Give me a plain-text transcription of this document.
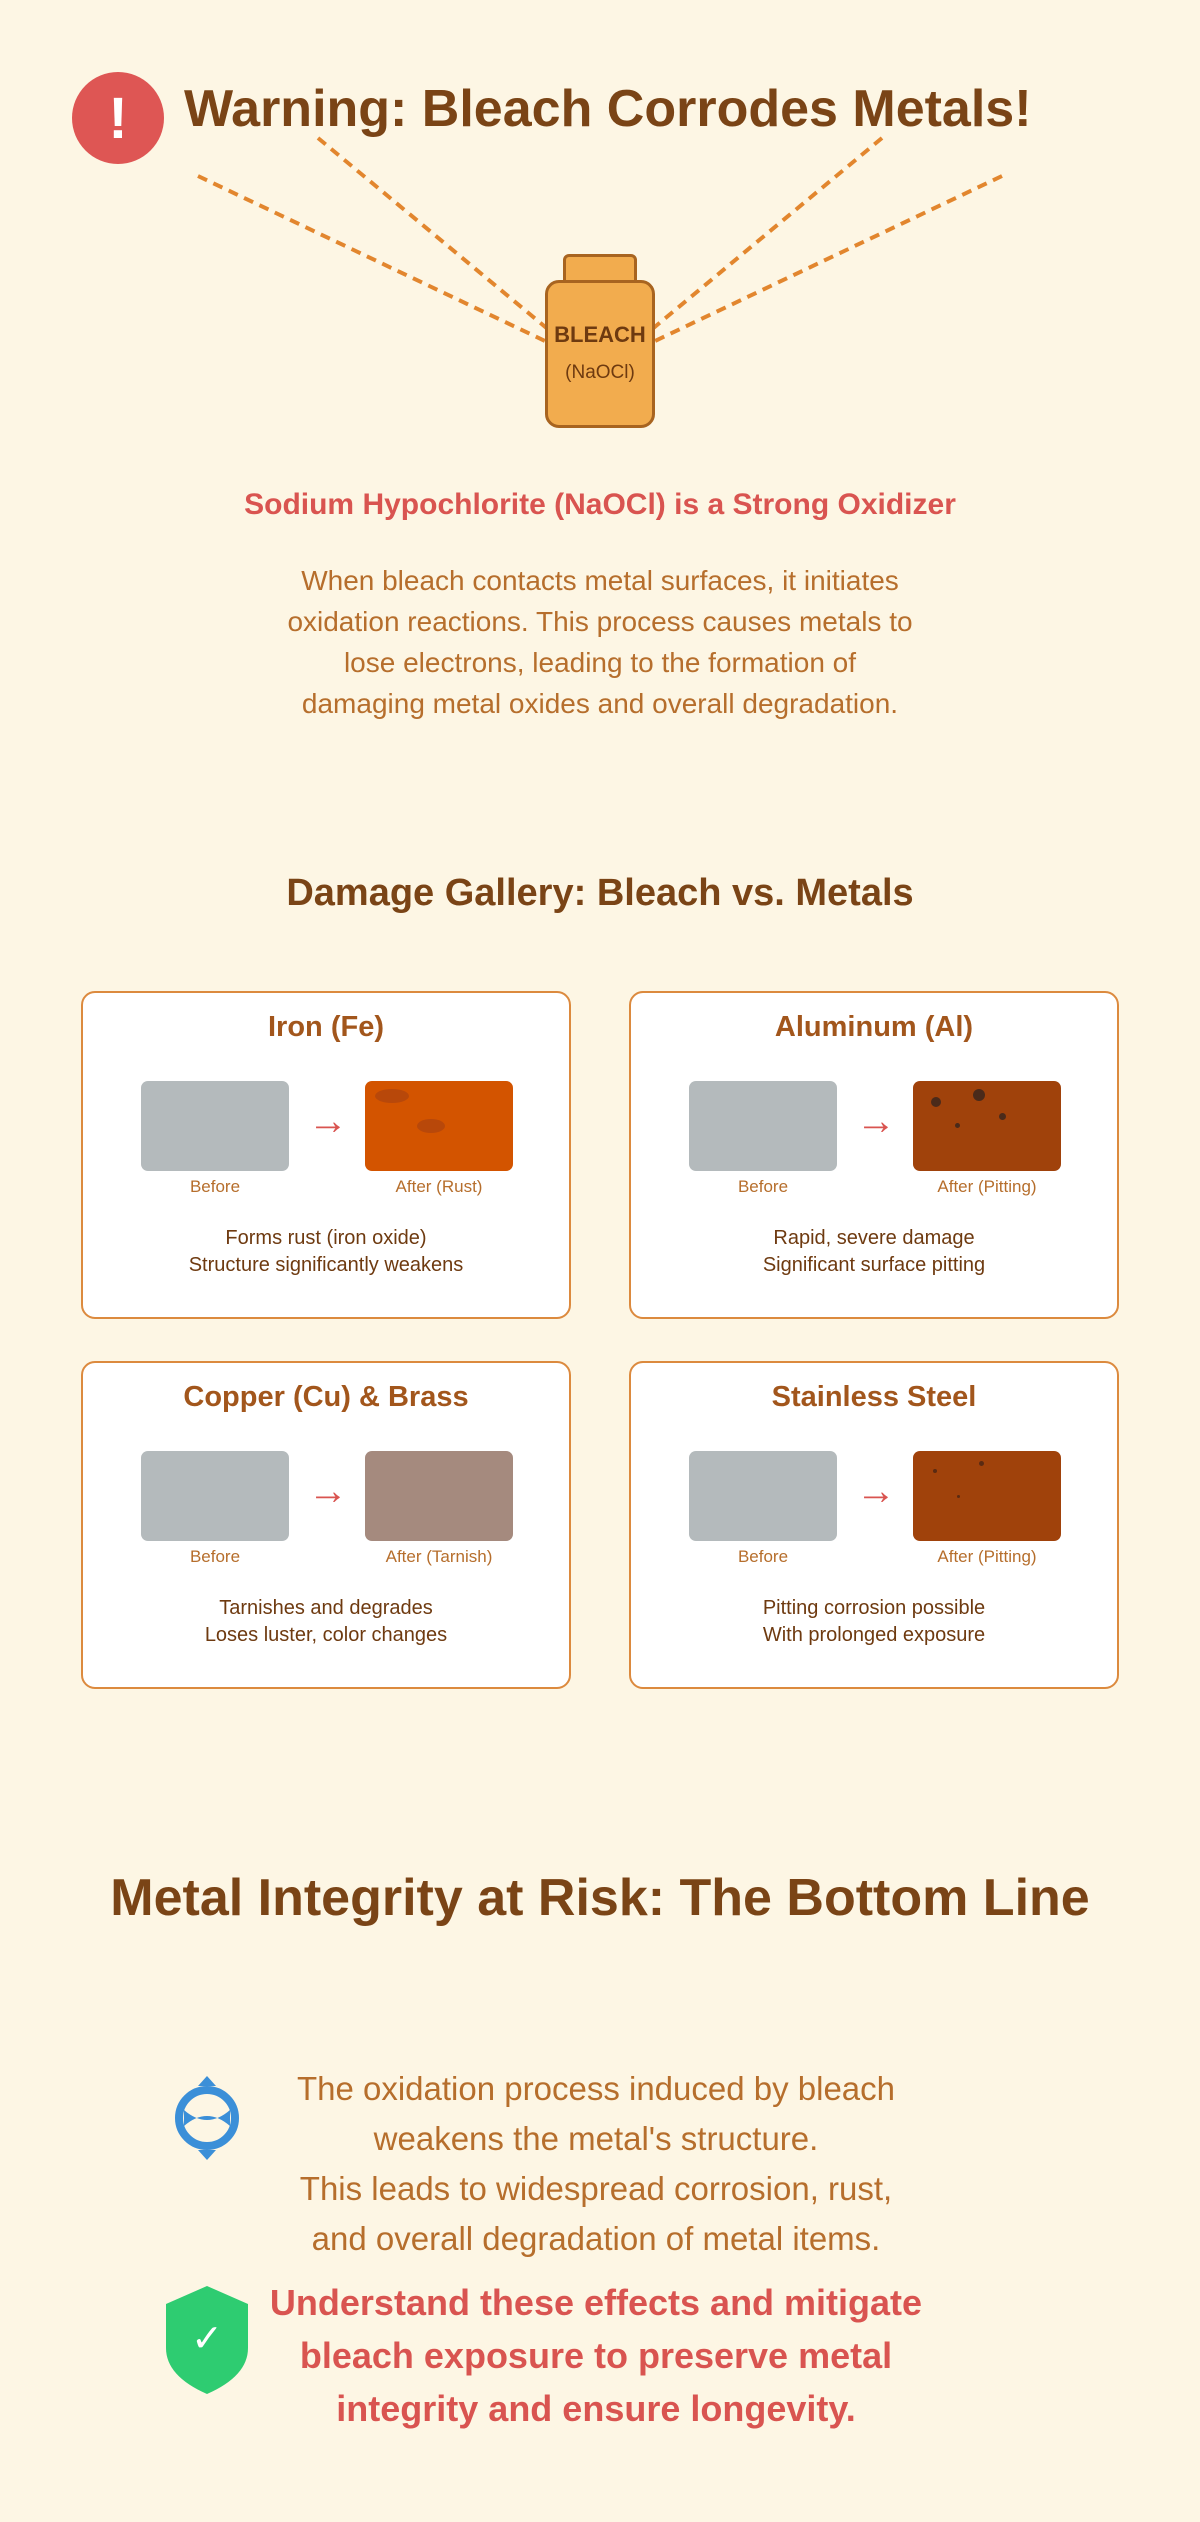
!	Warning: Bleach Corrodes Metals!
BLEACH
(NaOCl)
Sodium Hypochlorite (NaOCl) is a Strong Oxidizer
When bleach contacts metal surfaces, it initiates
oxidation reactions. This process causes metals to
lose electrons, leading to the formation of
damaging metal oxides and overall degradation.
Damage Gallery: Bleach vs. Metals
Iron (Fe)
→
Before	After (Rust)
Forms rust (iron oxide)
Structure significantly weakens
Aluminum (Al)
→
Before	After (Pitting)
Rapid, severe damage
Significant surface pitting
Copper (Cu) & Brass
→
Before	After (Tarnish)
Tarnishes and degrades
Loses luster, color changes
Stainless Steel
→
Before	After (Pitting)
Pitting corrosion possible
With prolonged exposure
Metal Integrity at Risk: The Bottom Line
The oxidation process induced by bleach
weakens the metal's structure.
This leads to widespread corrosion, rust,
and overall degradation of metal items.
✓
Understand these effects and mitigate
bleach exposure to preserve metal
integrity and ensure longevity.
